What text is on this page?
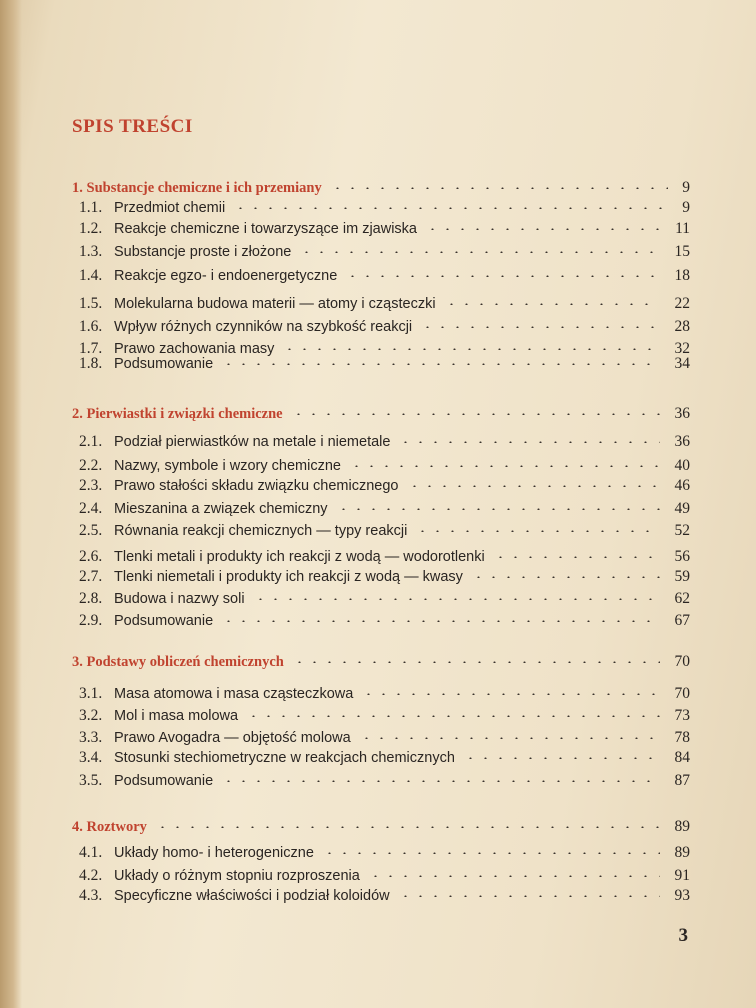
SPIS TREŚCI
1. Substancje chemiczne i ich przemiany	9
1.1. Przedmiot chemii	9
1.2. Reakcje chemiczne i towarzyszące im zjawiska	11
1.3. Substancje proste i złożone	15
1.4. Reakcje egzo- i endoenergetyczne	18
1.5. Molekularna budowa materii — atomy i cząsteczki	22
1.6. Wpływ różnych czynników na szybkość reakcji	28
1.7. Prawo zachowania masy	32
1.8. Podsumowanie	34
2. Pierwiastki i związki chemiczne	36
2.1. Podział pierwiastków na metale i niemetale	36
2.2. Nazwy, symbole i wzory chemiczne	40
2.3. Prawo stałości składu związku chemicznego	46
2.4. Mieszanina a związek chemiczny	49
2.5. Równania reakcji chemicznych — typy reakcji	52
2.6. Tlenki metali i produkty ich reakcji z wodą — wodorotlenki	56
2.7. Tlenki niemetali i produkty ich reakcji z wodą — kwasy	59
2.8. Budowa i nazwy soli	62
2.9. Podsumowanie	67
3. Podstawy obliczeń chemicznych	70
3.1. Masa atomowa i masa cząsteczkowa	70
3.2. Mol i masa molowa	73
3.3. Prawo Avogadra — objętość molowa	78
3.4. Stosunki stechiometryczne w reakcjach chemicznych	84
3.5. Podsumowanie	87
4. Roztwory	89
4.1. Układy homo- i heterogeniczne	89
4.2. Układy o różnym stopniu rozproszenia	91
4.3. Specyficzne właściwości i podział koloidów	93
3
